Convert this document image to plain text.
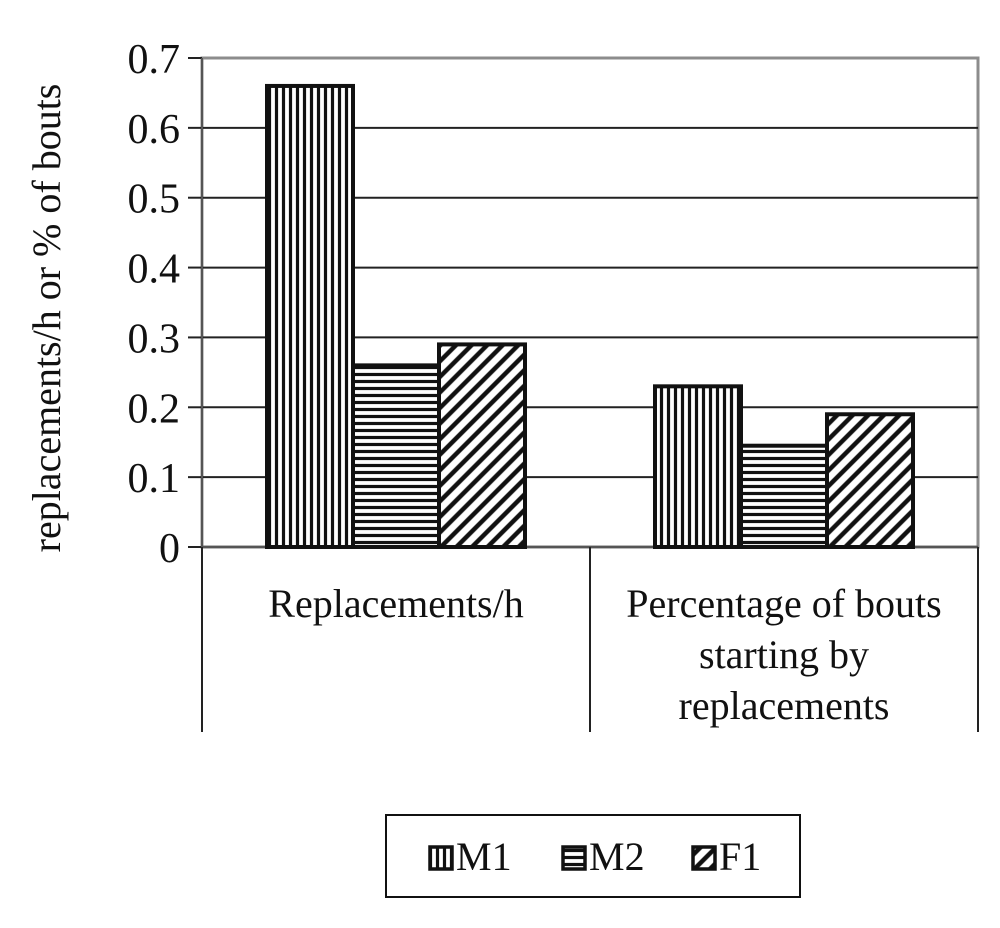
0
0.1
0.2
0.3
0.4
0.5
0.6
0.7
Replacements/h	Percentage of bouts starting by replacements
replacements/h or % of bouts
M1 M2 F1
